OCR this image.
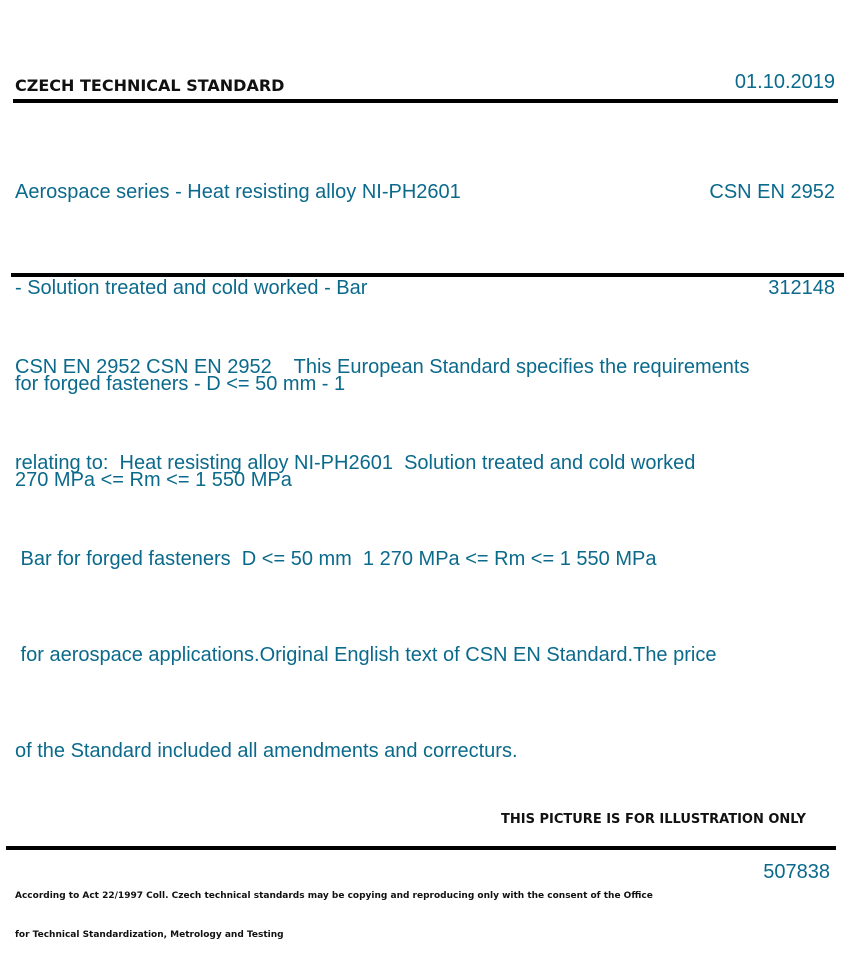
CZECH TECHNICAL STANDARD	01.10.2019

Aerospace series - Heat resisting alloy NI-PH2601

- Solution treated and cold worked - Bar

for forged fasteners - D <= 50 mm - 1

270 MPa <= Rm <= 1 550 MPa

CSN EN 2952

312148

CSN EN 2952 CSN EN 2952    This European Standard specifies the requirements

relating to:  Heat resisting alloy NI-PH2601  Solution treated and cold worked

Bar for forged fasteners  D <= 50 mm  1 270 MPa <= Rm <= 1 550 MPa

for aerospace applications.Original English text of CSN EN Standard.The price

of the Standard included all amendments and correcturs.

THIS PICTURE IS FOR ILLUSTRATION ONLY

According to Act 22/1997 Coll. Czech technical standards may be copying and reproducing only with the consent of the Office

for Technical Standardization, Metrology and Testing

507838
